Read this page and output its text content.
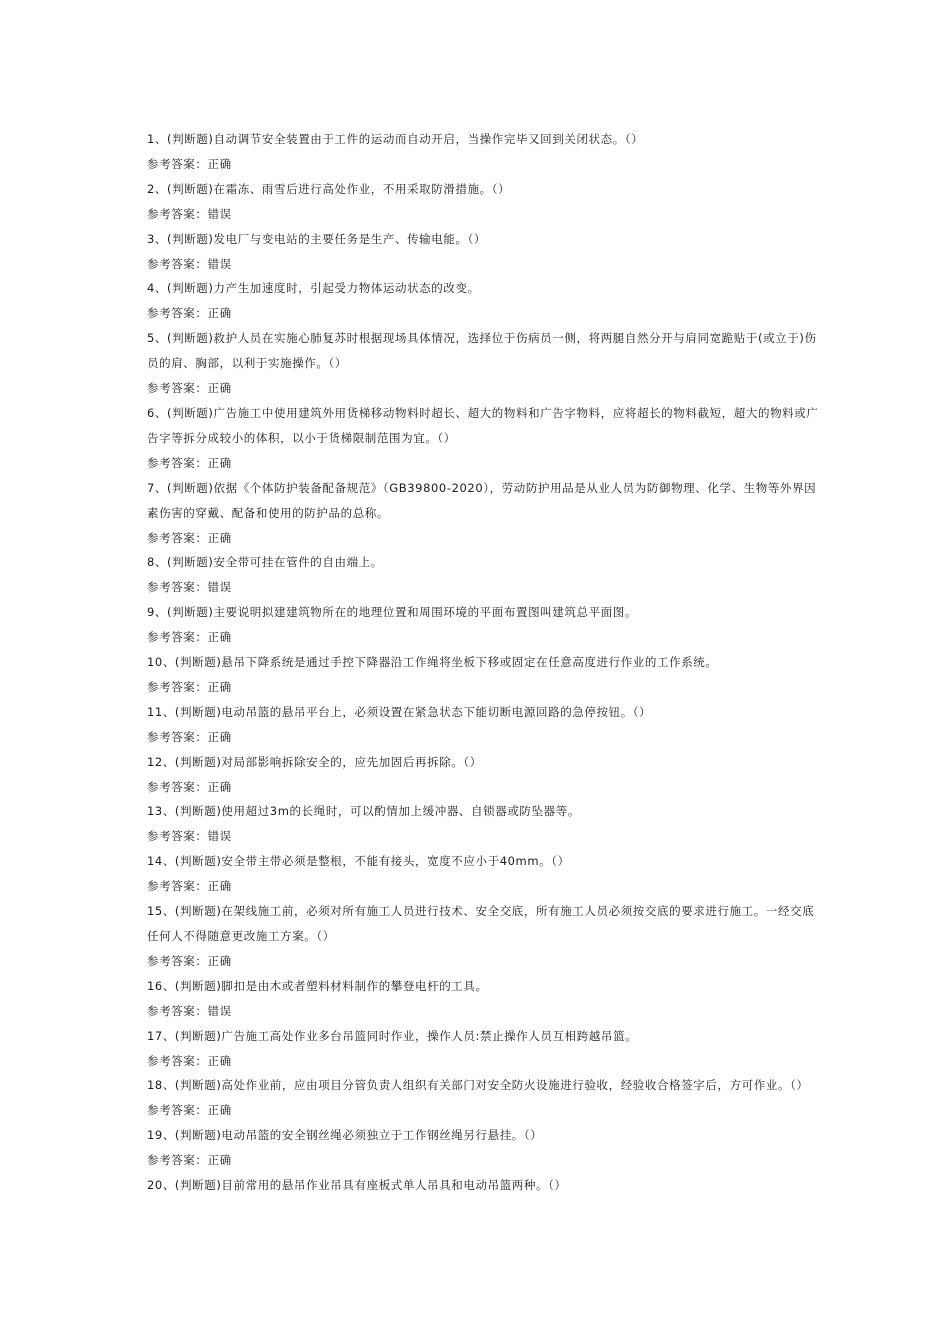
1、(判断题)自动调节安全装置由于工件的运动而自动开启，当操作完毕又回到关闭状态。（）
参考答案：正确
2、(判断题)在霜冻、雨雪后进行高处作业，不用采取防滑措施。（）
参考答案：错误
3、(判断题)发电厂与变电站的主要任务是生产、传输电能。（）
参考答案：错误
4、(判断题)力产生加速度时，引起受力物体运动状态的改变。
参考答案：正确
5、(判断题)救护人员在实施心肺复苏时根据现场具体情况，选择位于伤病员一侧，将两腿自然分开与肩同宽跪贴于(或立于)伤员的肩、胸部，以利于实施操作。（）
参考答案：正确
6、(判断题)广告施工中使用建筑外用货梯移动物料时超长、超大的物料和广告字物料，应将超长的物料截短，超大的物料或广告字等拆分成较小的体积，以小于货梯限制范围为宜。（）
参考答案：正确
7、(判断题)依据《个体防护装备配备规范》（GB39800-2020），劳动防护用品是从业人员为防御物理、化学、生物等外界因素伤害的穿戴、配备和使用的防护品的总称。
参考答案：正确
8、(判断题)安全带可挂在管件的自由端上。
参考答案：错误
9、(判断题)主要说明拟建建筑物所在的地理位置和周围环境的平面布置图叫建筑总平面图。
参考答案：正确
10、(判断题)悬吊下降系统是通过手控下降器沿工作绳将坐板下移或固定在任意高度进行作业的工作系统。
参考答案：正确
11、(判断题)电动吊篮的悬吊平台上，必须设置在紧急状态下能切断电源回路的急停按钮。（）
参考答案：正确
12、(判断题)对局部影响拆除安全的，应先加固后再拆除。（）
参考答案：正确
13、(判断题)使用超过3m的长绳时，可以酌情加上缓冲器、自锁器或防坠器等。
参考答案：错误
14、(判断题)安全带主带必须是整根，不能有接头，宽度不应小于40mm。（）
参考答案：正确
15、(判断题)在架线施工前，必须对所有施工人员进行技术、安全交底，所有施工人员必须按交底的要求进行施工。一经交底任何人不得随意更改施工方案。（）
参考答案：正确
16、(判断题)脚扣是由木或者塑料材料制作的攀登电杆的工具。
参考答案：错误
17、(判断题)广告施工高处作业多台吊篮同时作业，操作人员:禁止操作人员互相跨越吊篮。
参考答案：正确
18、(判断题)高处作业前，应由项目分管负责人组织有关部门对安全防火设施进行验收，经验收合格签字后，方可作业。（）
参考答案：正确
19、(判断题)电动吊篮的安全钢丝绳必须独立于工作钢丝绳另行悬挂。（）
参考答案：正确
20、(判断题)目前常用的悬吊作业吊具有座板式单人吊具和电动吊篮两种。（）
